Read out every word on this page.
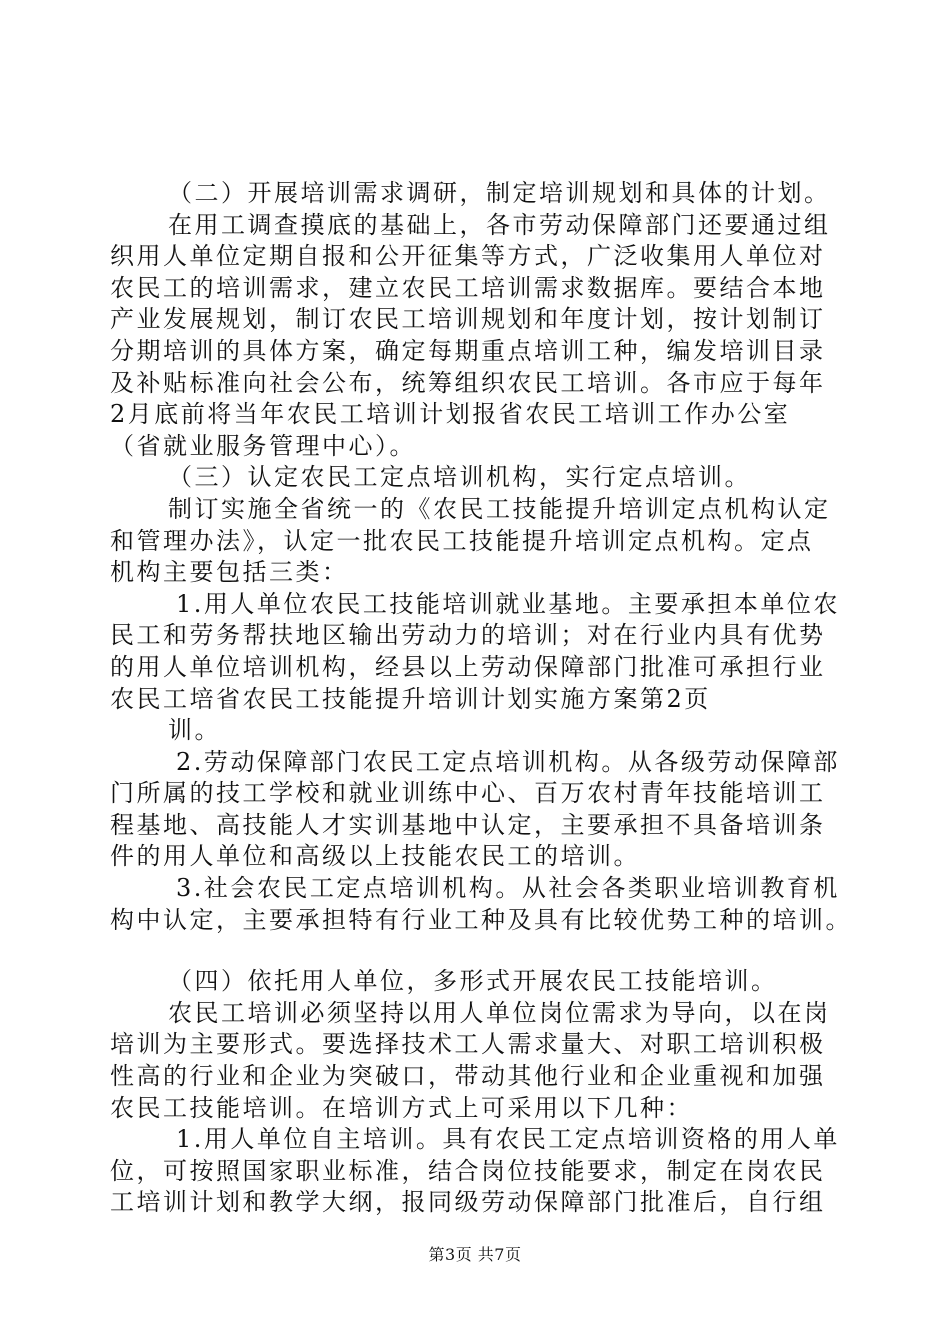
（二）开展培训需求调研，制定培训规划和具体的计划。
在用工调查摸底的基础上，各市劳动保障部门还要通过组
织用人单位定期自报和公开征集等方式，广泛收集用人单位对
农民工的培训需求，建立农民工培训需求数据库。要结合本地
产业发展规划，制订农民工培训规划和年度计划，按计划制订
分期培训的具体方案，确定每期重点培训工种，编发培训目录
及补贴标准向社会公布，统筹组织农民工培训。各市应于每年
2月底前将当年农民工培训计划报省农民工培训工作办公室
（省就业服务管理中心）。
（三）认定农民工定点培训机构，实行定点培训。
制订实施全省统一的《农民工技能提升培训定点机构认定
和管理办法》，认定一批农民工技能提升培训定点机构。定点
机构主要包括三类：
1.用人单位农民工技能培训就业基地。主要承担本单位农
民工和劳务帮扶地区输出劳动力的培训；对在行业内具有优势
的用人单位培训机构，经县以上劳动保障部门批准可承担行业
农民工培省农民工技能提升培训计划实施方案第2页
训。
2.劳动保障部门农民工定点培训机构。从各级劳动保障部
门所属的技工学校和就业训练中心、百万农村青年技能培训工
程基地、高技能人才实训基地中认定，主要承担不具备培训条
件的用人单位和高级以上技能农民工的培训。
3.社会农民工定点培训机构。从社会各类职业培训教育机
构中认定，主要承担特有行业工种及具有比较优势工种的培训。
（四）依托用人单位，多形式开展农民工技能培训。
农民工培训必须坚持以用人单位岗位需求为导向，以在岗
培训为主要形式。要选择技术工人需求量大、对职工培训积极
性高的行业和企业为突破口，带动其他行业和企业重视和加强
农民工技能培训。在培训方式上可采用以下几种：
1.用人单位自主培训。具有农民工定点培训资格的用人单
位，可按照国家职业标准，结合岗位技能要求，制定在岗农民
工培训计划和教学大纲，报同级劳动保障部门批准后，自行组
第3页 共7页
